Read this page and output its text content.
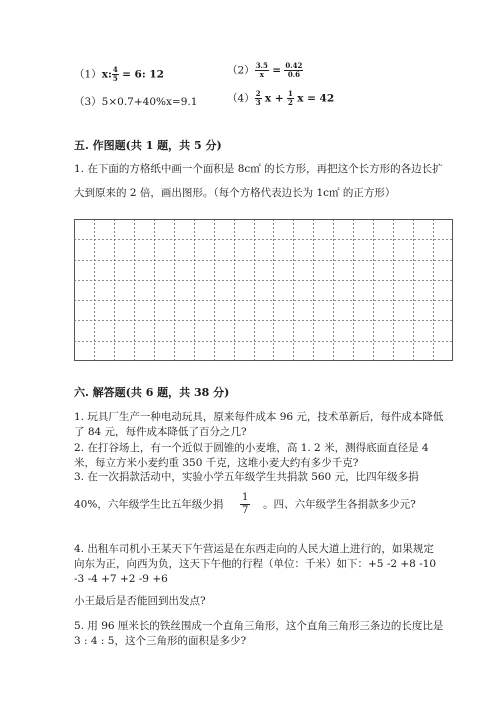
（1）x: $\frac{4}{5} = 6$: 12	$(2) \frac{3.5}{x} = \frac{0.42}{0.6}$
（3）5×0.7+40%x=9.1	$(4) \frac{2}{3}$ $x + \frac{1}{2}$ x = 42
五. 作图题(共 1 题，共 5 分)
1. 在下面的方格纸中画一个面积是 8c㎡ 的长方形，再把这个长方形的各边长扩
大到原来的 2 倍，画出图形。（每个方格代表边长为 1c㎡ 的正方形）
六. 解答题(共 6 题，共 38 分)
1. 玩具厂生产一种电动玩具，原来每件成本 96 元，技术革新后，每件成本降低
了 84 元，每件成本降低了百分之几?
2. 在打谷场上，有一个近似于圆锥的小麦堆，高 1. 2 米，测得底面直径是 4
米，每立方米小麦约重 350 千克，这堆小麦大约有多少千克?
3. 在一次捐款活动中，实验小学五年级学生共捐款 560 元，比四年级多捐
40%，六年级学生比五年级少捐 $\frac{1}{7}$ 。四、六年级学生各捐款多少元?
4. 出租车司机小王某天下午营运是在东西走向的人民大道上进行的，如果规定
向东为正，向西为负，这天下午他的行程（单位：千米）如下：+5 -2 +8 -10
-3 -4 +7 +2 -9 +6
小王最后是否能回到出发点?
5. 用 96 厘米长的铁丝围成一个直角三角形，这个直角三角形三条边的长度比是
3 : 4 : 5，这个三角形的面积是多少?
